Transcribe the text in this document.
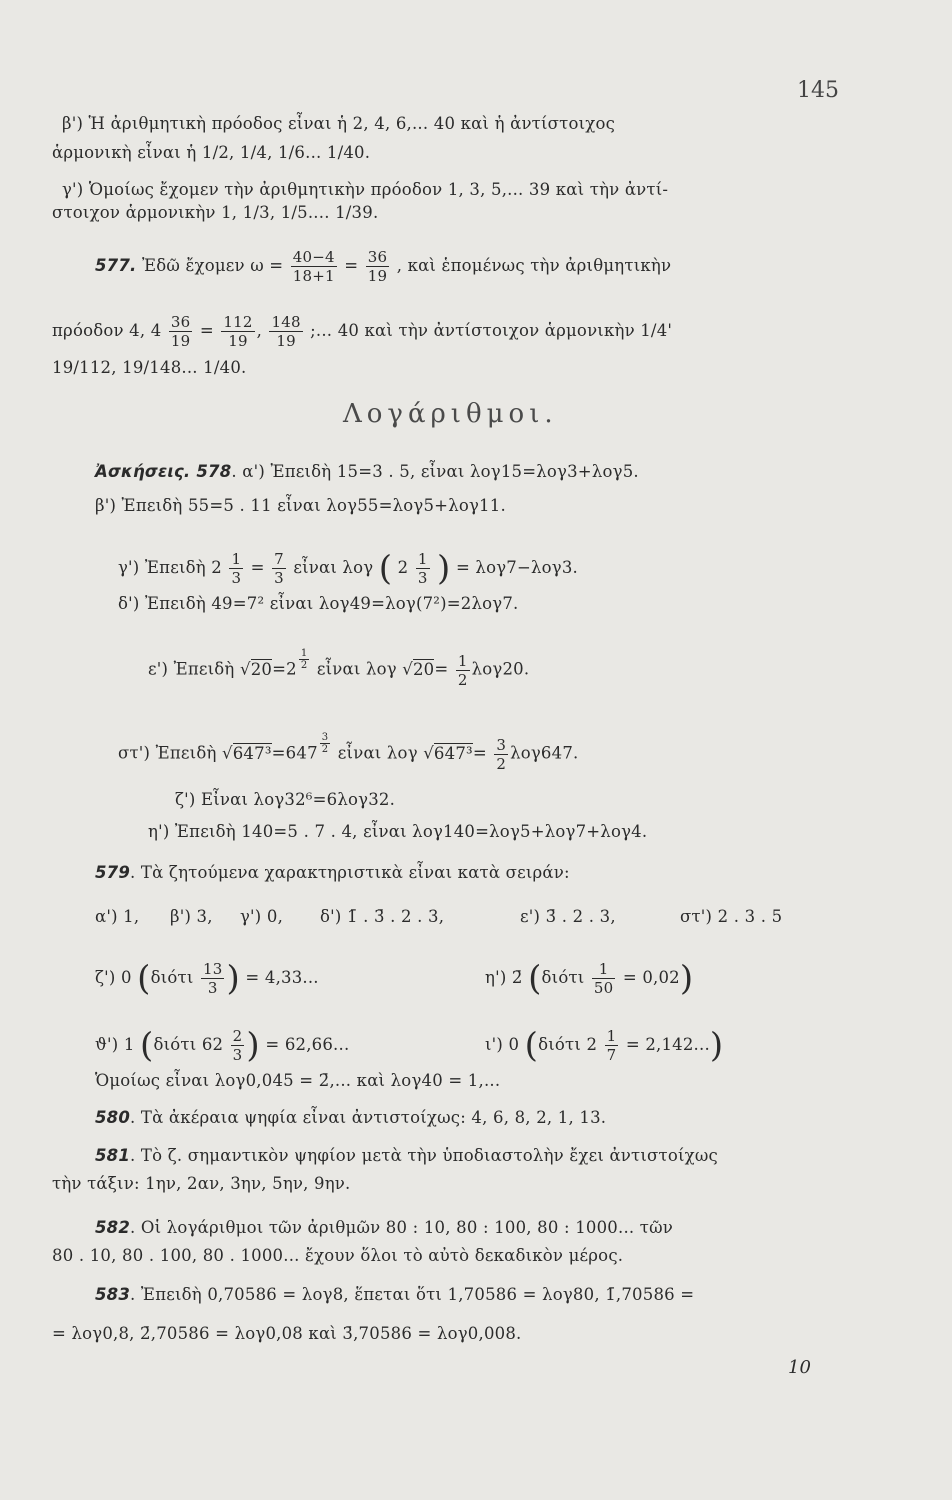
145
β') Ἡ ἀριθμητικὴ πρόοδος εἶναι ἡ 2, 4, 6,... 40 καὶ ἡ ἀντίστοιχος
ἁρμονικὴ εἶναι ἡ 1/2, 1/4, 1/6... 1/40.
γ') Ὁμοίως ἔχομεν τὴν ἀριθμητικὴν πρόοδον 1, 3, 5,... 39 καὶ τὴν ἀντί-
στοιχον ἁρμονικὴν 1, 1/3, 1/5.... 1/39.
577. Ἐδῶ ἔχομεν $\omega = \frac{40-4}{18+1} = \frac{36}{19}$ , καὶ ἑπομένως τὴν ἀριθμητικὴν
πρόοδον 4, $4 \frac{36}{19} = \frac{112}{19}$ , $\frac{148}{19}$ ;... 40 καὶ τὴν ἀντίστοιχον ἁρμονικὴν 1/4'
19/112, 19/148... 1/40.
Λογάριθμοι.
Ἀσκήσεις. 578. α') Ἐπειδὴ 15=3 . 5, εἶναι λογ15=λογ3+λογ5.
β') Ἐπειδὴ 55=5 . 11 εἶναι λογ55=λογ5+λογ11.
γ') Ἐπειδὴ $2 \frac{1}{3} = \frac{7}{3}$ εἶναι λογ ( $2 \frac{1}{3}$ ) = λογ7−λογ3.
δ') Ἐπειδὴ 49=7² εἶναι λογ49=λογ(7²)=2λογ7.
ε') Ἐπειδὴ √20=2 $^{\frac{1}{2}}$ εἶναι λογ $√20= \frac{1}{2} \lambda o\gamma 20$.
στ') Ἐπειδὴ √647³=647 $^{\frac{3}{2}}$ εἶναι λογ $√647^3= \frac{3}{2} \lambda o\gamma 647$.
ζ') Εἶναι λογ32⁶=6λογ32.
η') Ἐπειδὴ 140=5 . 7 . 4, εἶναι λογ140=λογ5+λογ7+λογ4.
579. Τὰ ζητούμενα χαρακτηριστικὰ εἶναι κατὰ σειράν:
α') 1, β') 3, γ') 0, δ') 1̄ . 3̄ . 2 . 3,	ε') 3̄ . 2 . 3,	στ') 2 . 3 . 5
ζ') 0 ($\delta\iota ό\tau\iota \frac{13}{3}$ ) = 4,33...	η') 2̄ $(\delta\iota ό\tau\iota \frac{1}{50} = 0,02)$
ϑ') 1 (διότι $62 \frac{2}{3}$ ) = 62,66...	ι') 0 (διότι $2 \frac{1}{7} = 2,142$...)
Ὁμοίως εἶναι λογ0,045 = 2̄,... καὶ λογ40 = 1,...
580. Τὰ ἀκέραια ψηφία εἶναι ἀντιστοίχως: 4, 6, 8, 2, 1, 13.
581. Τὸ ζ. σημαντικὸν ψηφίον μετὰ τὴν ὑποδιαστολὴν ἔχει ἀντιστοίχως
τὴν τάξιν: 1ην, 2αν, 3ην, 5ην, 9ην.
582. Οἱ λογάριθμοι τῶν ἀριθμῶν 80 : 10, 80 : 100, 80 : 1000... τῶν
80 . 10, 80 . 100, 80 . 1000... ἔχουν ὅλοι τὸ αὐτὸ δεκαδικὸν μέρος.
583. Ἐπειδὴ 0,70586 = λογ8, ἕπεται ὅτι 1,70586 = λογ80, 1̄,70586 =
= λογ0,8, 2̄,70586 = λογ0,08 καὶ 3̄,70586 = λογ0,008.
10
